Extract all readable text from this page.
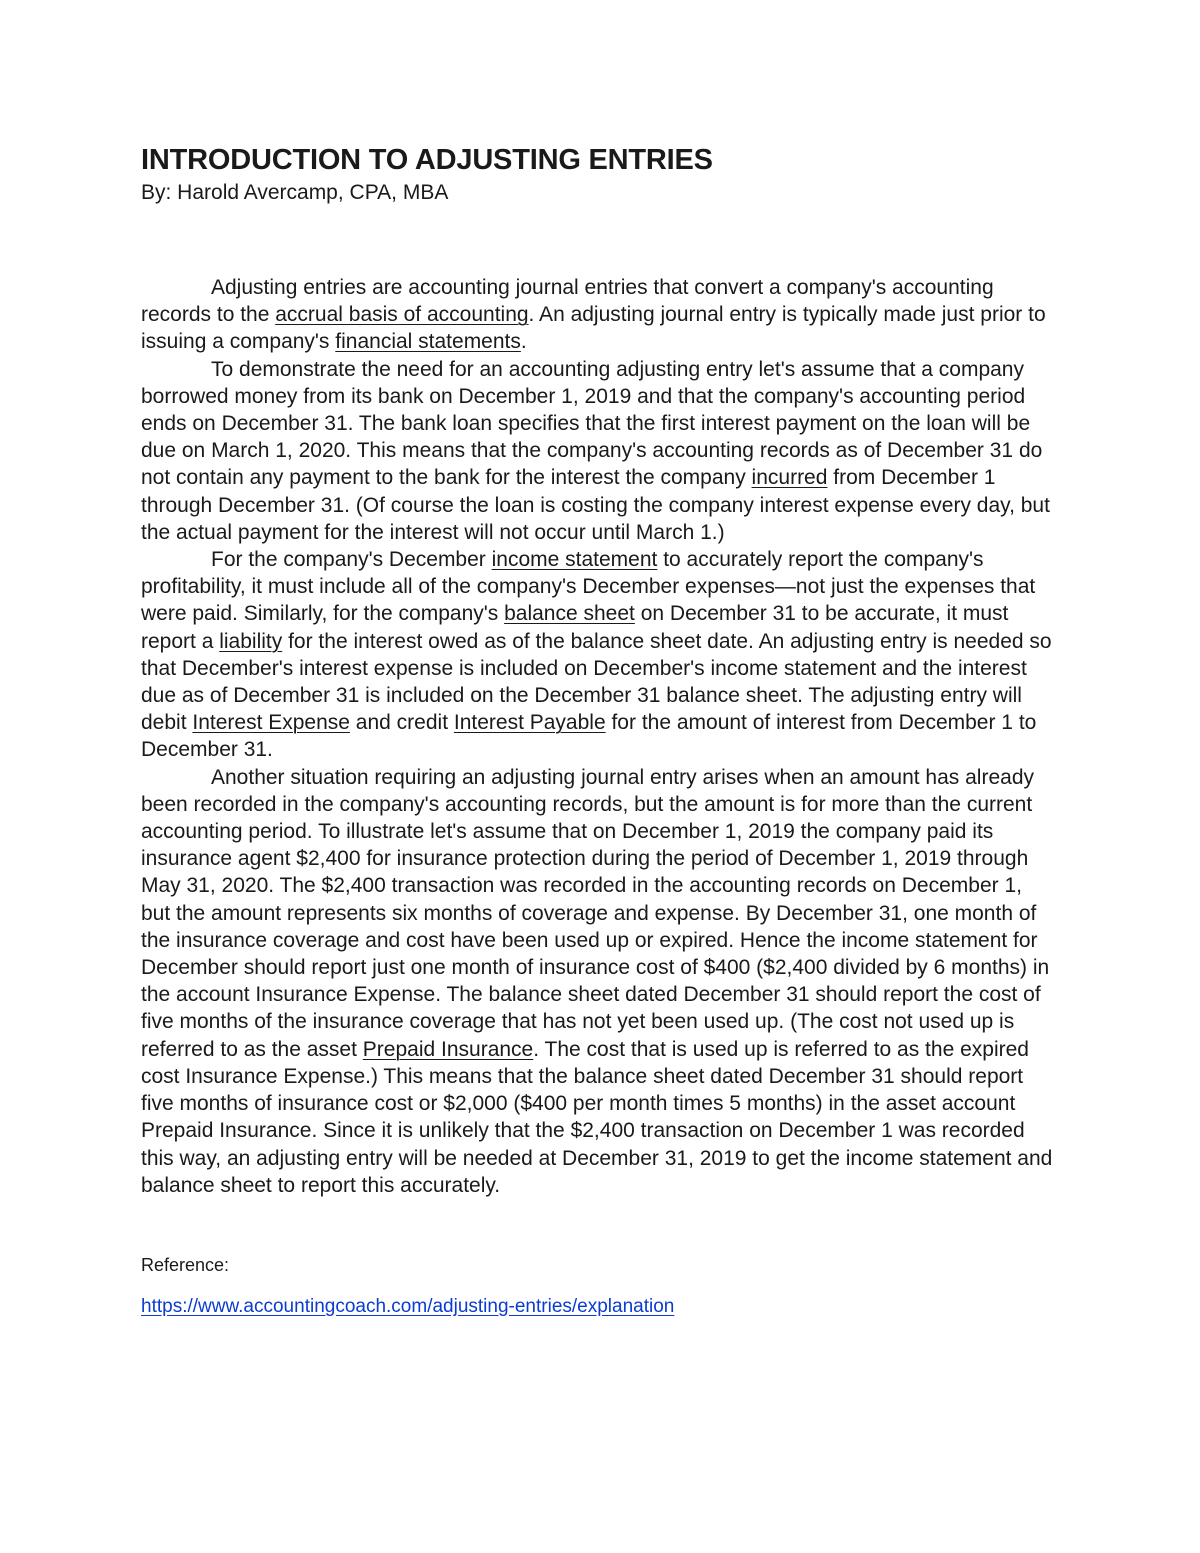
INTRODUCTION TO ADJUSTING ENTRIES

By: Harold Avercamp, CPA, MBA

Adjusting entries are accounting journal entries that convert a company's accounting records to the accrual basis of accounting. An adjusting journal entry is typically made just prior to issuing a company's financial statements.

To demonstrate the need for an accounting adjusting entry let's assume that a company borrowed money from its bank on December 1, 2019 and that the company's accounting period ends on December 31. The bank loan specifies that the first interest payment on the loan will be due on March 1, 2020. This means that the company's accounting records as of December 31 do not contain any payment to the bank for the interest the company incurred from December 1 through December 31. (Of course the loan is costing the company interest expense every day, but the actual payment for the interest will not occur until March 1.)

For the company's December income statement to accurately report the company's profitability, it must include all of the company's December expenses—not just the expenses that were paid. Similarly, for the company's balance sheet on December 31 to be accurate, it must report a liability for the interest owed as of the balance sheet date. An adjusting entry is needed so that December's interest expense is included on December's income statement and the interest due as of December 31 is included on the December 31 balance sheet. The adjusting entry will debit Interest Expense and credit Interest Payable for the amount of interest from December 1 to December 31.

Another situation requiring an adjusting journal entry arises when an amount has already been recorded in the company's accounting records, but the amount is for more than the current accounting period. To illustrate let's assume that on December 1, 2019 the company paid its insurance agent $2,400 for insurance protection during the period of December 1, 2019 through May 31, 2020. The $2,400 transaction was recorded in the accounting records on December 1, but the amount represents six months of coverage and expense. By December 31, one month of the insurance coverage and cost have been used up or expired. Hence the income statement for December should report just one month of insurance cost of $400 ($2,400 divided by 6 months) in the account Insurance Expense. The balance sheet dated December 31 should report the cost of five months of the insurance coverage that has not yet been used up. (The cost not used up is referred to as the asset Prepaid Insurance. The cost that is used up is referred to as the expired cost Insurance Expense.) This means that the balance sheet dated December 31 should report five months of insurance cost or $2,000 ($400 per month times 5 months) in the asset account Prepaid Insurance. Since it is unlikely that the $2,400 transaction on December 1 was recorded this way, an adjusting entry will be needed at December 31, 2019 to get the income statement and balance sheet to report this accurately.

Reference:

https://www.accountingcoach.com/adjusting-entries/explanation
